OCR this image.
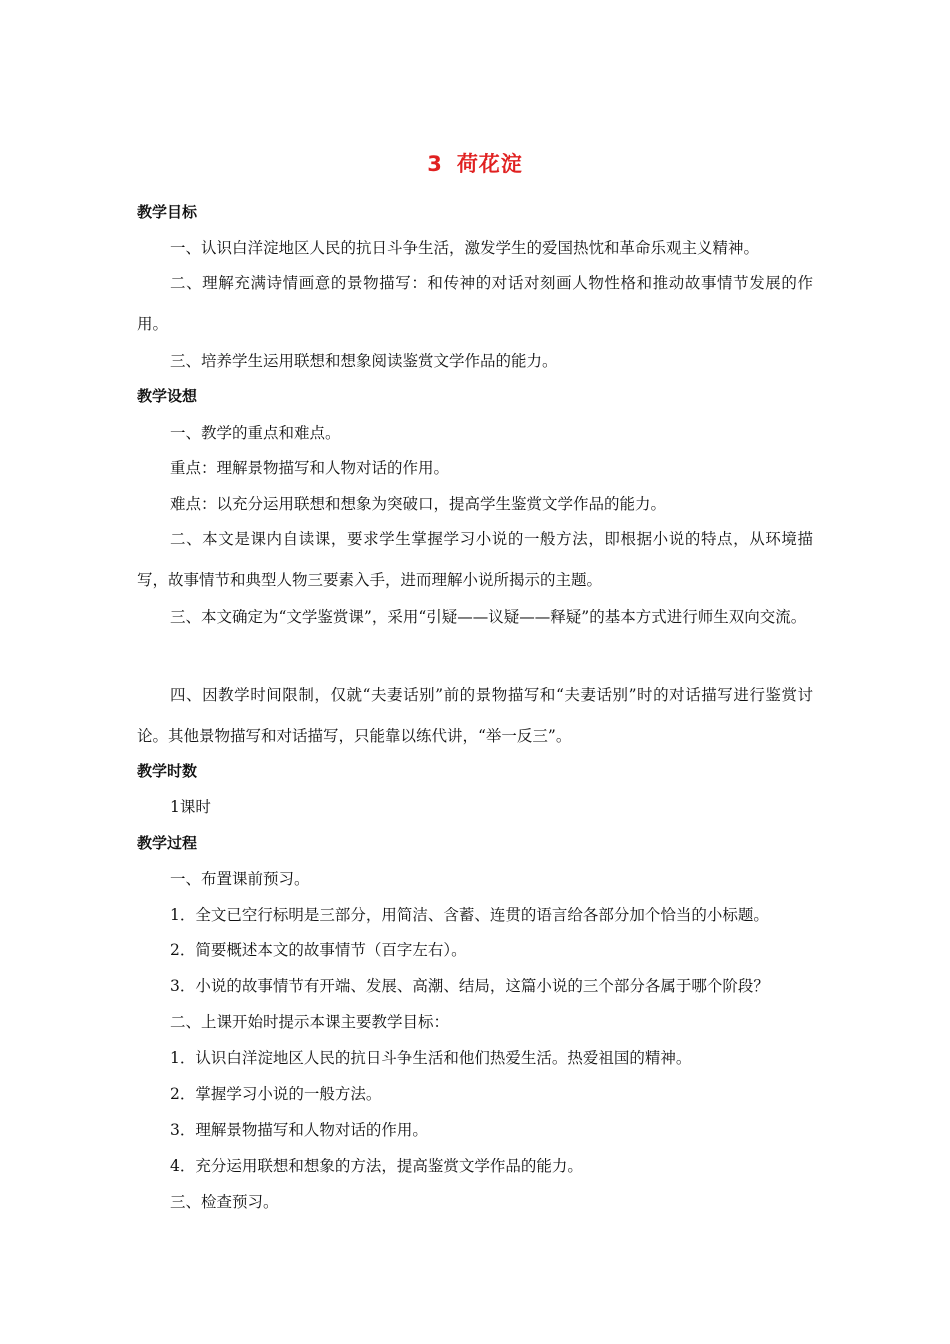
3 荷花淀
教学目标
一、认识白洋淀地区人民的抗日斗争生活，激发学生的爱国热忱和革命乐观主义精神。
二、理解充满诗情画意的景物描写：和传神的对话对刻画人物性格和推动故事情节发展的作用。
三、培养学生运用联想和想象阅读鉴赏文学作品的能力。
教学设想
一、教学的重点和难点。
重点：理解景物描写和人物对话的作用。
难点：以充分运用联想和想象为突破口，提高学生鉴赏文学作品的能力。
二、本文是课内自读课，要求学生掌握学习小说的一般方法，即根据小说的特点，从环境描写，故事情节和典型人物三要素入手，进而理解小说所揭示的主题。
三、本文确定为“文学鉴赏课”，采用“引疑——议疑——释疑”的基本方式进行师生双向交流。
四、因教学时间限制，仅就“夫妻话别”前的景物描写和“夫妻话别”时的对话描写进行鉴赏讨论。其他景物描写和对话描写，只能靠以练代讲，“举一反三”。
教学时数
1课时
教学过程
一、布置课前预习。
1．全文已空行标明是三部分，用简洁、含蓄、连贯的语言给各部分加个恰当的小标题。
2．简要概述本文的故事情节（百字左右）。
3．小说的故事情节有开端、发展、高潮、结局，这篇小说的三个部分各属于哪个阶段？
二、上课开始时提示本课主要教学目标：
1．认识白洋淀地区人民的抗日斗争生活和他们热爱生活。热爱祖国的精神。
2．掌握学习小说的一般方法。
3．理解景物描写和人物对话的作用。
4．充分运用联想和想象的方法，提高鉴赏文学作品的能力。
三、检查预习。
